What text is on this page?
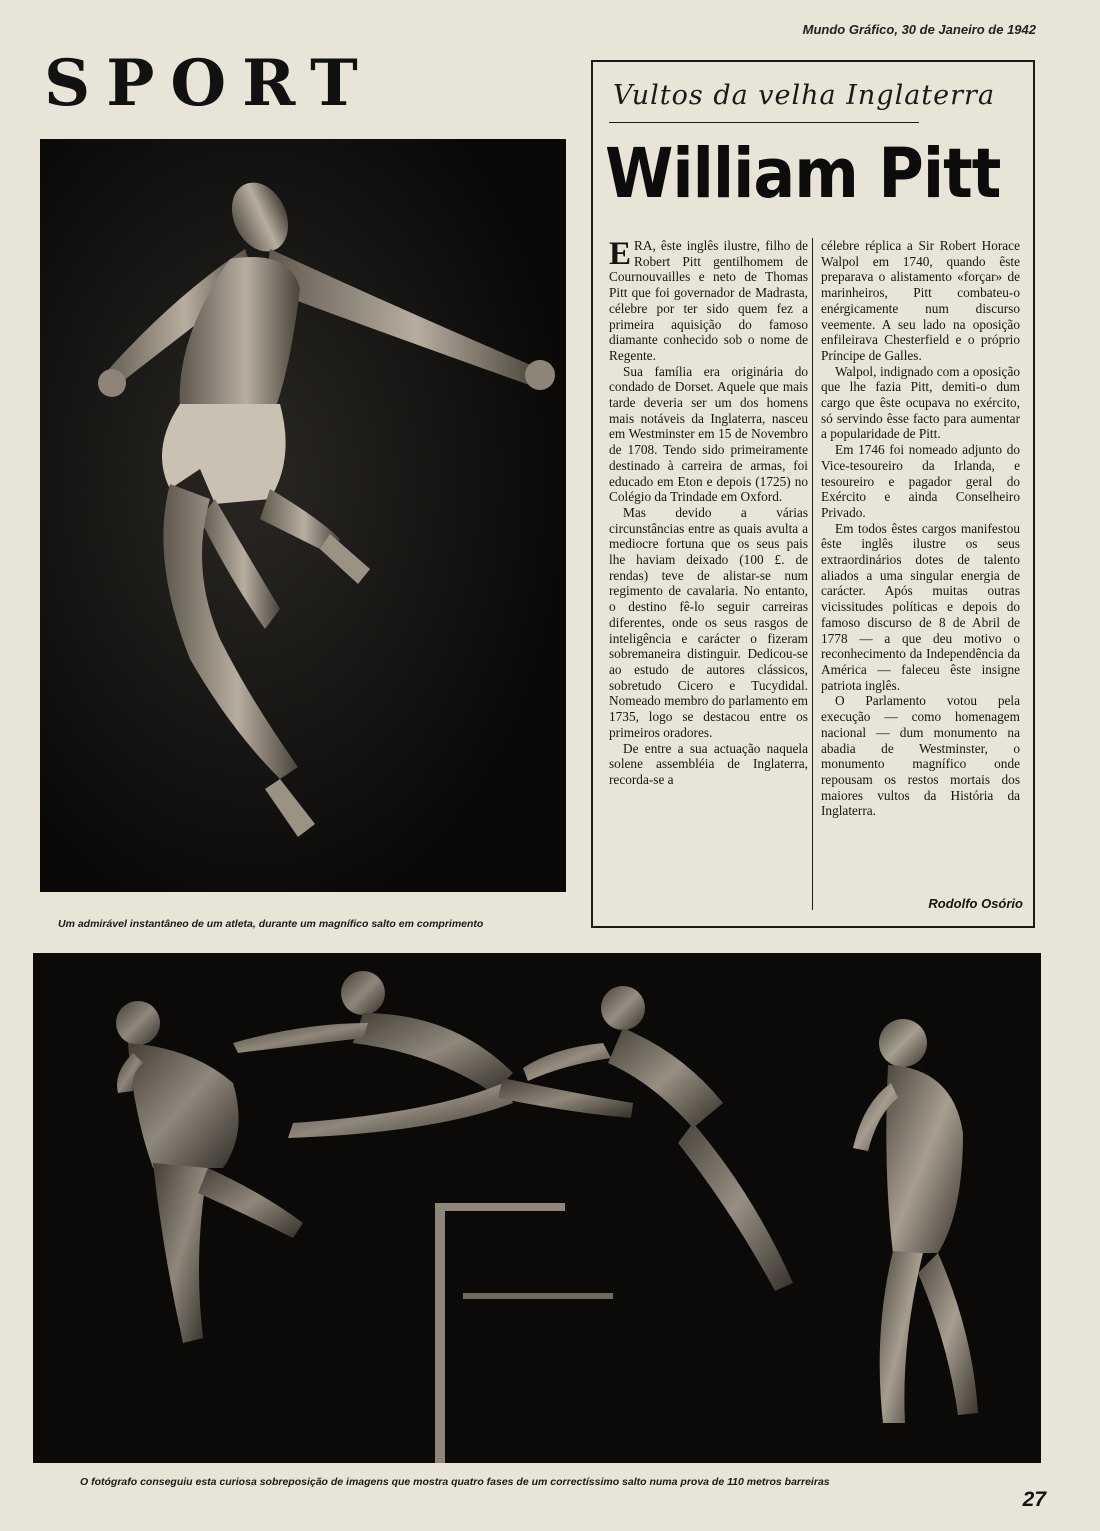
Mundo Gráfico, 30 de Janeiro de 1942
SPORT
Um admirável instantâneo de um atleta, durante um magnífico salto em comprimento
Vultos da velha Inglaterra
William Pitt

ERA, êste inglês ilustre, filho de Robert Pitt gentilhomem de Cournouvailles e neto de Thomas Pitt que foi governador de Madrasta, célebre por ter sido quem fez a primeira aquisição do famoso diamante conhecido sob o nome de Regente.

Sua família era originária do condado de Dorset. Aquele que mais tarde deveria ser um dos homens mais notáveis da Inglaterra, nasceu em Westminster em 15 de Novembro de 1708. Tendo sido primeiramente destinado à carreira de armas, foi educado em Eton e depois (1725) no Colégio da Trindade em Oxford.

Mas devido a várias circunstâncias entre as quais avulta a mediocre fortuna que os seus pais lhe haviam deixado (100 £. de rendas) teve de alistar-se num regimento de cavalaria. No entanto, o destino fê-lo seguir carreiras diferentes, onde os seus rasgos de inteligência e carácter o fizeram sobremaneira distinguir. Dedicou-se ao estudo de autores clássicos, sobretudo Cicero e Tucydidal. Nomeado membro do parlamento em 1735, logo se destacou entre os primeiros oradores.

De entre a sua actuação naquela solene assembléia de Inglaterra, recorda-se a

célebre réplica a Sir Robert Horace Walpol em 1740, quando êste preparava o alistamento «forçar» de marinheiros, Pitt combateu-o enérgicamente num discurso veemente. A seu lado na oposição enfileirava Chesterfield e o próprio Príncipe de Galles.

Walpol, indignado com a oposição que lhe fazia Pitt, demiti-o dum cargo que êste ocupava no exército, só servindo êsse facto para aumentar a popularidade de Pitt.

Em 1746 foi nomeado adjunto do Vice-tesoureiro da Irlanda, e tesoureiro e pagador geral do Exército e ainda Conselheiro Privado.

Em todos êstes cargos manifestou êste inglês ilustre os seus extraordinários dotes de talento aliados a uma singular energia de carácter. Após muitas outras vicissitudes políticas e depois do famoso discurso de 8 de Abril de 1778 — a que deu motivo o reconhecimento da Independência da América — faleceu êste insigne patriota inglês.

O Parlamento votou pela execução — como homenagem nacional — dum monumento na abadia de Westminster, o monumento magnífico onde repousam os restos mortais dos maiores vultos da História da Inglaterra.

Rodolfo Osório
O fotógrafo conseguiu esta curiosa sobreposição de imagens que mostra quatro fases de um correctíssimo salto numa prova de 110 metros barreiras
27
